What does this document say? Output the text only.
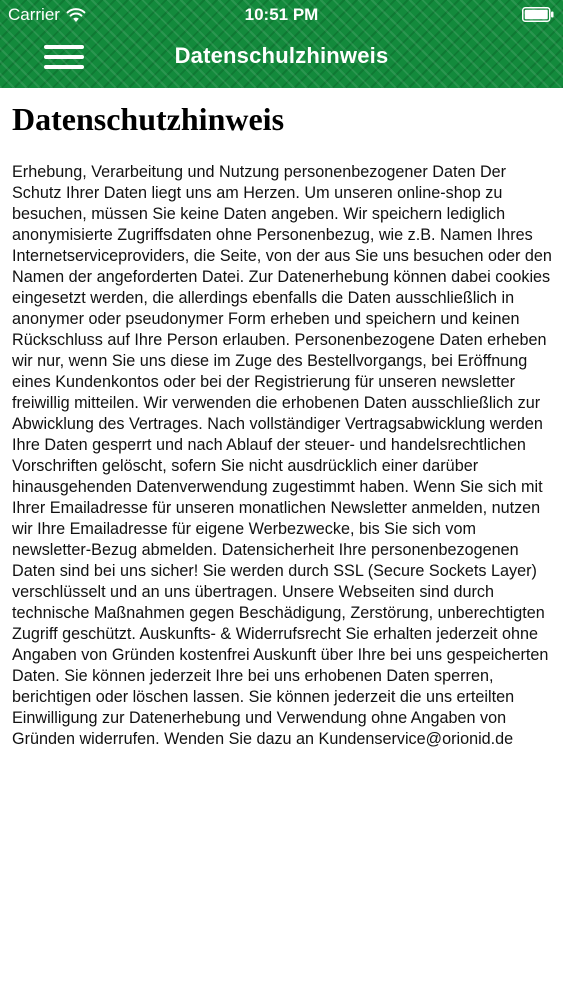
Carrier	10:51 PM
Datenschulzhinweis
Datenschutzhinweis

Erhebung, Verarbeitung und Nutzung personenbezogener Daten Der Schutz Ihrer Daten liegt uns am Herzen. Um unseren online-shop zu besuchen, müssen Sie keine Daten angeben. Wir speichern lediglich anonymisierte Zugriffsdaten ohne Personenbezug, wie z.B. Namen Ihres Internetserviceproviders, die Seite, von der aus Sie uns besuchen oder den Namen der angeforderten Datei. Zur Datenerhebung können dabei cookies eingesetzt werden, die allerdings ebenfalls die Daten ausschließlich in anonymer oder pseudonymer Form erheben und speichern und keinen Rückschluss auf Ihre Person erlauben. Personenbezogene Daten erheben wir nur, wenn Sie uns diese im Zuge des Bestellvorgangs, bei Eröffnung eines Kundenkontos oder bei der Registrierung für unseren newsletter freiwillig mitteilen. Wir verwenden die erhobenen Daten ausschließlich zur Abwicklung des Vertrages. Nach vollständiger Vertragsabwicklung werden Ihre Daten gesperrt und nach Ablauf der steuer- und handelsrechtlichen Vorschriften gelöscht, sofern Sie nicht ausdrücklich einer darüber hinausgehenden Datenverwendung zugestimmt haben. Wenn Sie sich mit Ihrer Emailadresse für unseren monatlichen Newsletter anmelden, nutzen wir Ihre Emailadresse für eigene Werbezwecke, bis Sie sich vom newsletter-Bezug abmelden. Datensicherheit Ihre personenbezogenen Daten sind bei uns sicher! Sie werden durch SSL (Secure Sockets Layer) verschlüsselt und an uns übertragen. Unsere Webseiten sind durch technische Maßnahmen gegen Beschädigung, Zerstörung, unberechtigten Zugriff geschützt. Auskunfts- & Widerrufsrecht Sie erhalten jederzeit ohne Angaben von Gründen kostenfrei Auskunft über Ihre bei uns gespeicherten Daten. Sie können jederzeit Ihre bei uns erhobenen Daten sperren, berichtigen oder löschen lassen. Sie können jederzeit die uns erteilten Einwilligung zur Datenerhebung und Verwendung ohne Angaben von Gründen widerrufen. Wenden Sie dazu an Kundenservice@orionid.de
